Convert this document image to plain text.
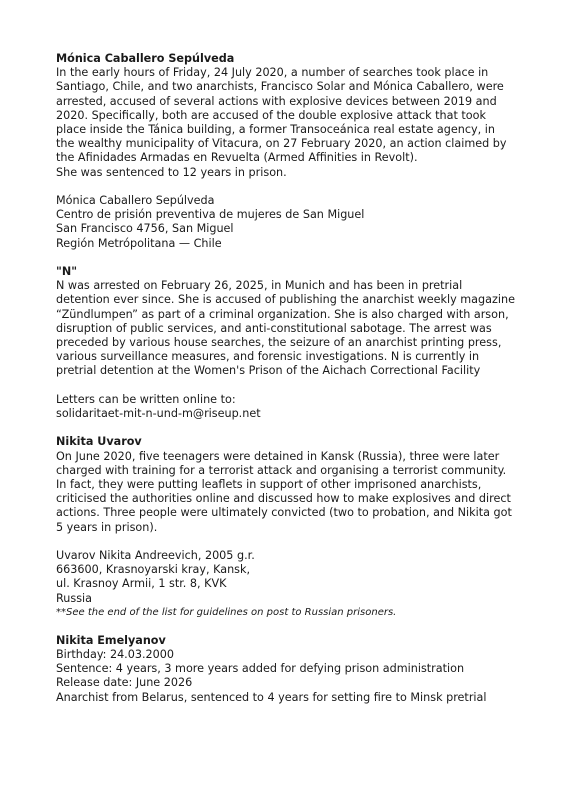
Mónica Caballero Sepúlveda

In the early hours of Friday, 24 July 2020, a number of searches took place in Santiago, Chile, and two anarchists, Francisco Solar and Mónica Caballero, were arrested, accused of several actions with explosive devices between 2019 and 2020. Specifically, both are accused of the double explosive attack that took place inside the Tánica building, a former Transoceánica real estate agency, in the wealthy municipality of Vitacura, on 27 February 2020, an action claimed by the Afinidades Armadas en Revuelta (Armed Affinities in Revolt).

She was sentenced to 12 years in prison.

Mónica Caballero Sepúlveda
Centro de prisión preventiva de mujeres de San Miguel
San Francisco 4756, San Miguel
Región Metrópolitana — Chile

"N"

N was arrested on February 26, 2025, in Munich and has been in pretrial detention ever since. She is accused of publishing the anarchist weekly magazine “Zündlumpen” as part of a criminal organization. She is also charged with arson, disruption of public services, and anti-constitutional sabotage. The arrest was preceded by various house searches, the seizure of an anarchist printing press, various surveillance measures, and forensic investigations. N is currently in pretrial detention at the Women's Prison of the Aichach Correctional Facility

Letters can be written online to:

solidaritaet-mit-n-und-m@riseup.net

Nikita Uvarov

On June 2020, five teenagers were detained in Kansk (Russia), three were later charged with training for a terrorist attack and organising a terrorist community. In fact, they were putting leaflets in support of other imprisoned anarchists, criticised the authorities online and discussed how to make explosives and direct actions. Three people were ultimately convicted (two to probation, and Nikita got 5 years in prison).

Uvarov Nikita Andreevich, 2005 g.r.
663600, Krasnoyarski kray, Kansk,
ul. Krasnoy Armii, 1 str. 8, KVK
Russia

**See the end of the list for guidelines on post to Russian prisoners.

Nikita Emelyanov

Birthday: 24.03.2000
Sentence: 4 years, 3 more years added for defying prison administration
Release date: June 2026
Anarchist from Belarus, sentenced to 4 years for setting fire to Minsk pretrial
